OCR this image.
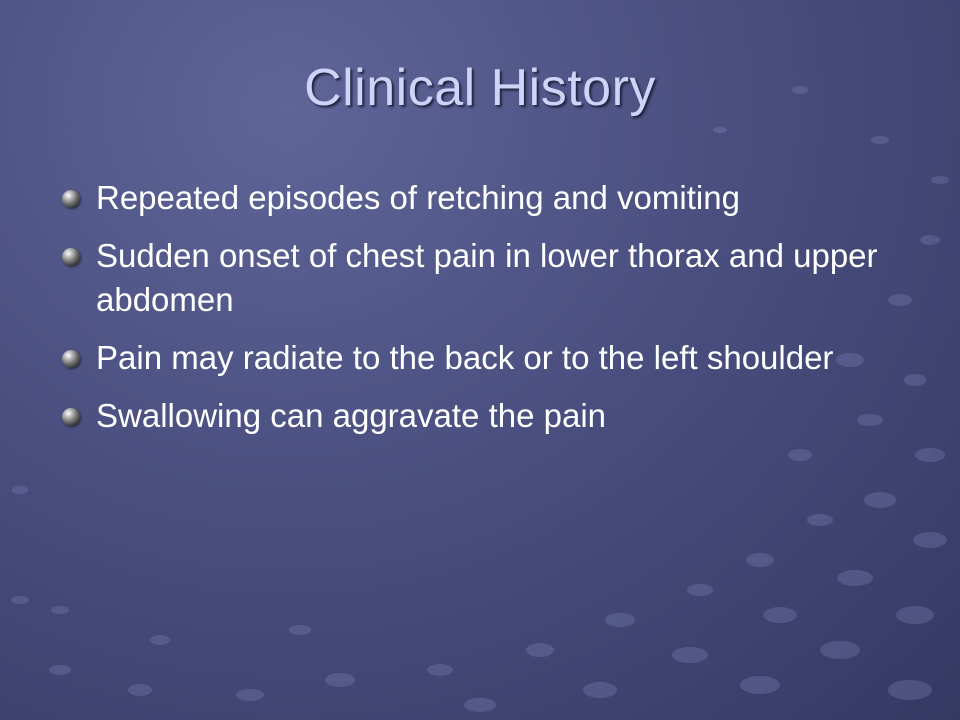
Clinical History
Repeated episodes of retching and vomiting
Sudden onset of chest pain in lower thorax and upper abdomen
Pain may radiate to the back or to the left shoulder
Swallowing can aggravate the pain
